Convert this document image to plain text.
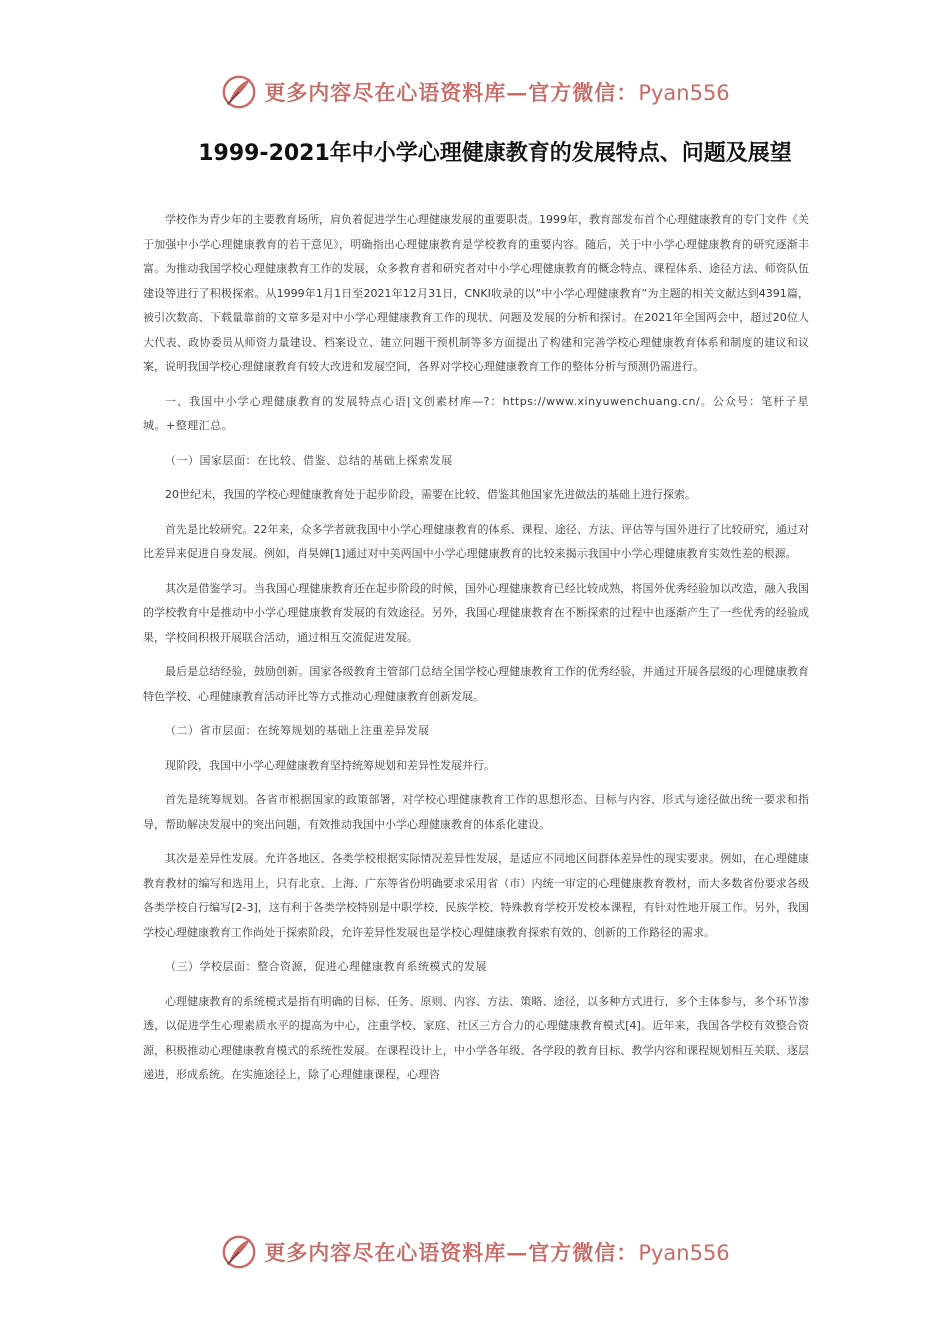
更多内容尽在心语资料库—官方微信：Pyan556
1999-2021年中小学心理健康教育的发展特点、问题及展望

学校作为青少年的主要教育场所，肩负着促进学生心理健康发展的重要职责。1999年，教育部发布首个心理健康教育的专门文件《关于加强中小学心理健康教育的若干意见》，明确指出心理健康教育是学校教育的重要内容。随后，关于中小学心理健康教育的研究逐渐丰富。为推动我国学校心理健康教育工作的发展，众多教育者和研究者对中小学心理健康教育的概念特点、课程体系、途径方法、师资队伍建设等进行了积极探索。从1999年1月1日至2021年12月31日，CNKI收录的以“中小学心理健康教育”为主题的相关文献达到4391篇，被引次数高、下载量靠前的文章多是对中小学心理健康教育工作的现状、问题及发展的分析和探讨。在2021年全国两会中，超过20位人大代表、政协委员从师资力量建设、档案设立、建立问题干预机制等多方面提出了构建和完善学校心理健康教育体系和制度的建议和议案，说明我国学校心理健康教育有较大改进和发展空间，各界对学校心理健康教育工作的整体分析与预测仍需进行。

一、我国中小学心理健康教育的发展特点心语|文创素材库—?：https://www.xinyuwenchuang.cn/。公众号：笔杆子星城。+整理汇总。

（一）国家层面：在比较、借鉴、总结的基础上探索发展

20世纪末，我国的学校心理健康教育处于起步阶段，需要在比较、借鉴其他国家先进做法的基础上进行探索。

首先是比较研究。22年来，众多学者就我国中小学心理健康教育的体系、课程、途径、方法、评估等与国外进行了比较研究，通过对比差异来促进自身发展。例如，肖昊婵[1]通过对中美两国中小学心理健康教育的比较来揭示我国中小学心理健康教育实效性差的根源。

其次是借鉴学习。当我国心理健康教育还在起步阶段的时候，国外心理健康教育已经比较成熟，将国外优秀经验加以改造，融入我国的学校教育中是推动中小学心理健康教育发展的有效途径。另外，我国心理健康教育在不断探索的过程中也逐渐产生了一些优秀的经验成果，学校间积极开展联合活动，通过相互交流促进发展。

最后是总结经验，鼓励创新。国家各级教育主管部门总结全国学校心理健康教育工作的优秀经验，并通过开展各层级的心理健康教育特色学校、心理健康教育活动评比等方式推动心理健康教育创新发展。

（二）省市层面：在统筹规划的基础上注重差异发展

现阶段，我国中小学心理健康教育坚持统筹规划和差异性发展并行。

首先是统筹规划。各省市根据国家的政策部署，对学校心理健康教育工作的思想形态、目标与内容、形式与途径做出统一要求和指导，帮助解决发展中的突出问题，有效推动我国中小学心理健康教育的体系化建设。

其次是差异性发展。允许各地区、各类学校根据实际情况差异性发展，是适应不同地区间群体差异性的现实要求。例如，在心理健康教育教材的编写和选用上，只有北京、上海、广东等省份明确要求采用省（市）内统一审定的心理健康教育教材，而大多数省份要求各级各类学校自行编写[2-3]，这有利于各类学校特别是中职学校、民族学校、特殊教育学校开发校本课程，有针对性地开展工作。另外，我国学校心理健康教育工作尚处于探索阶段，允许差异性发展也是学校心理健康教育探索有效的、创新的工作路径的需求。

（三）学校层面：整合资源，促进心理健康教育系统模式的发展

心理健康教育的系统模式是指有明确的目标、任务、原则、内容、方法、策略、途径，以多种方式进行，多个主体参与，多个环节渗透，以促进学生心理素质水平的提高为中心，注重学校、家庭、社区三方合力的心理健康教育模式[4]。近年来，我国各学校有效整合资源，积极推动心理健康教育模式的系统性发展。在课程设计上，中小学各年级、各学段的教育目标、教学内容和课程规划相互关联、逐层递进，形成系统。在实施途径上，除了心理健康课程，心理咨

更多内容尽在心语资料库—官方微信：Pyan556
